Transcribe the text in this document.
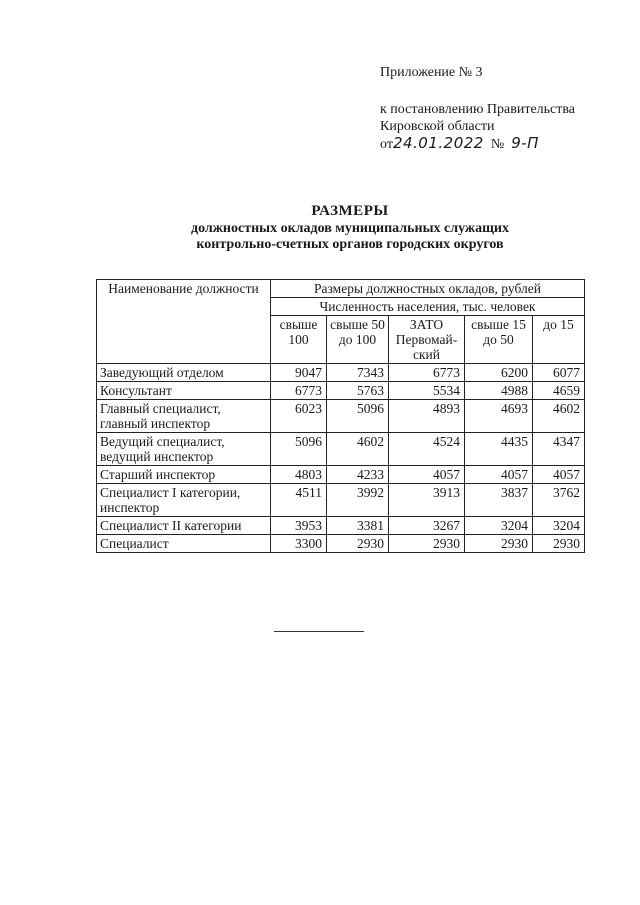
Приложение № 3
к постановлению Правительства
Кировской области
от24.01.2022 № 9-П
РАЗМЕРЫ
должностных окладов муниципальных служащих
контрольно-счетных органов городских округов
Наименование должности	Размеры должностных окладов, рублей				
	Численность населения, тыс. человек				
	свыше 100	свыше 50 до 100	ЗАТО Первомай-ский	свыше 15 до 50	до 15
Заведующий отделом	9047	7343	6773	6200	6077
Консультант	6773	5763	5534	4988	4659
Главный специалист, главный инспектор	6023	5096	4893	4693	4602
Ведущий специалист, ведущий инспектор	5096	4602	4524	4435	4347
Старший инспектор	4803	4233	4057	4057	4057
Специалист I категории, инспектор	4511	3992	3913	3837	3762
Специалист II категории	3953	3381	3267	3204	3204
Специалист	3300	2930	2930	2930	2930
